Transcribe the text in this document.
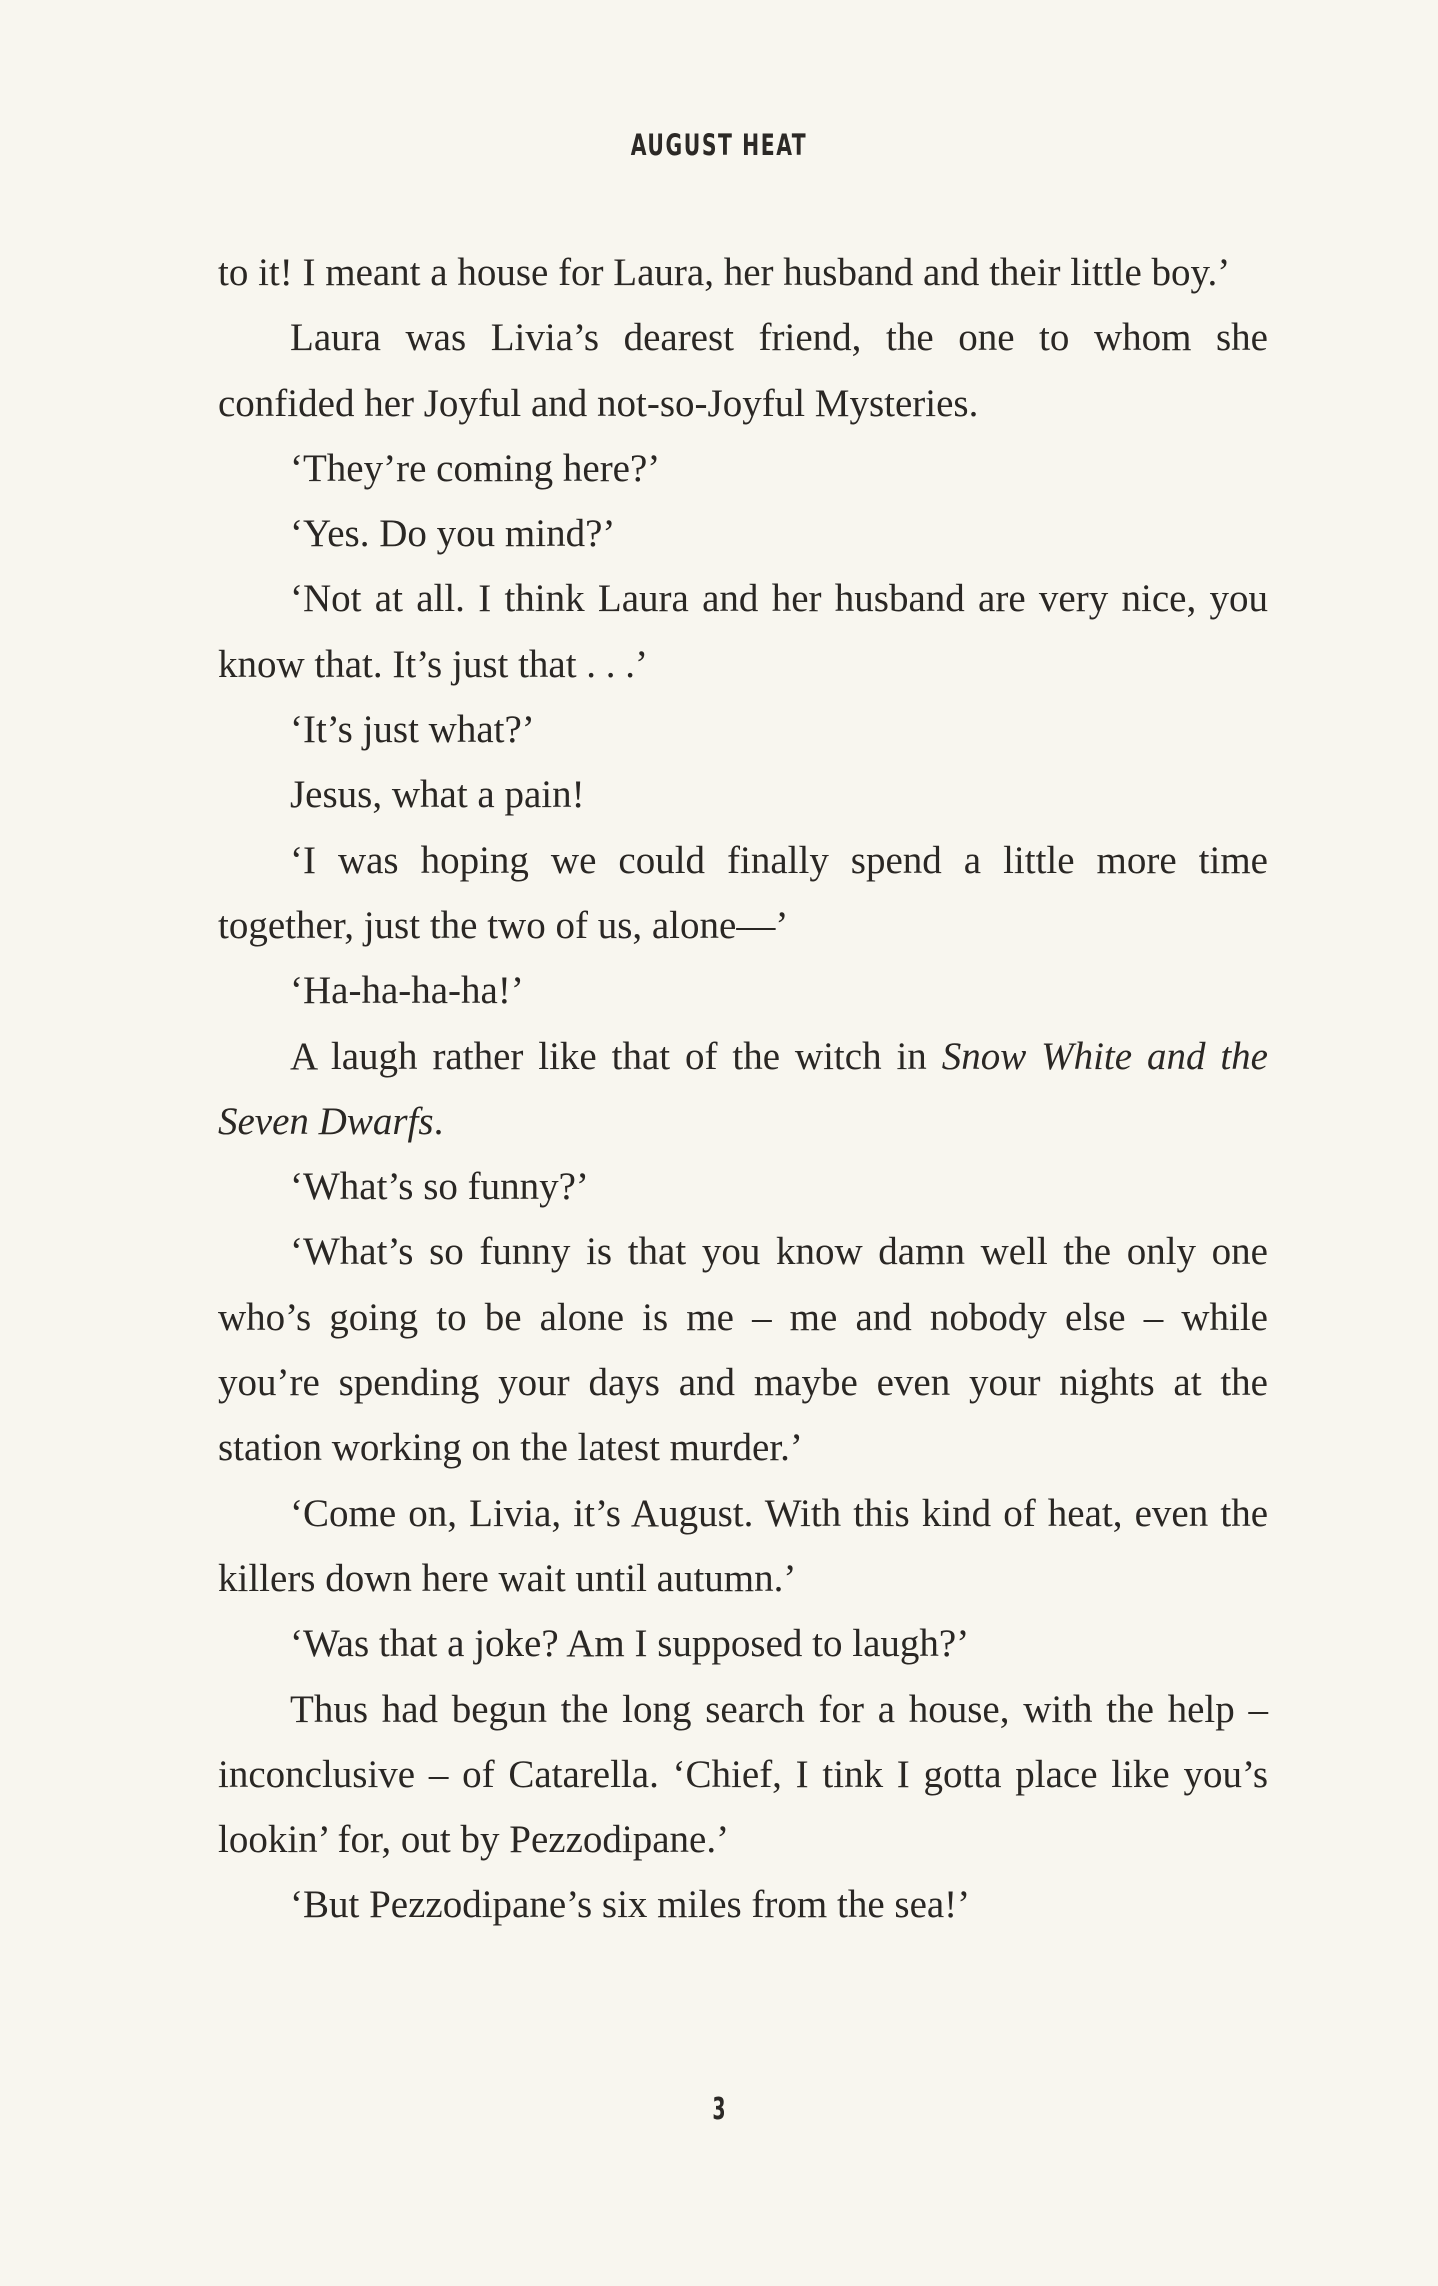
AUGUST HEAT

to it! I meant a house for Laura, her husband and their little boy.’

Laura was Livia’s dearest friend, the one to whom she confided her Joyful and not-so-Joyful Mysteries.

‘They’re coming here?’

‘Yes. Do you mind?’

‘Not at all. I think Laura and her husband are very nice, you know that. It’s just that . . .’

‘It’s just what?’

Jesus, what a pain!

‘I was hoping we could finally spend a little more time together, just the two of us, alone—’

‘Ha-ha-ha-ha!’

A laugh rather like that of the witch in Snow White and the Seven Dwarfs.

‘What’s so funny?’

‘What’s so funny is that you know damn well the only one who’s going to be alone is me – me and nobody else – while you’re spending your days and maybe even your nights at the station working on the latest murder.’

‘Come on, Livia, it’s August. With this kind of heat, even the killers down here wait until autumn.’

‘Was that a joke? Am I supposed to laugh?’

Thus had begun the long search for a house, with the help – inconclusive – of Catarella. ‘Chief, I tink I gotta place like you’s lookin’ for, out by Pezzodipane.’

‘But Pezzodipane’s six miles from the sea!’

3
